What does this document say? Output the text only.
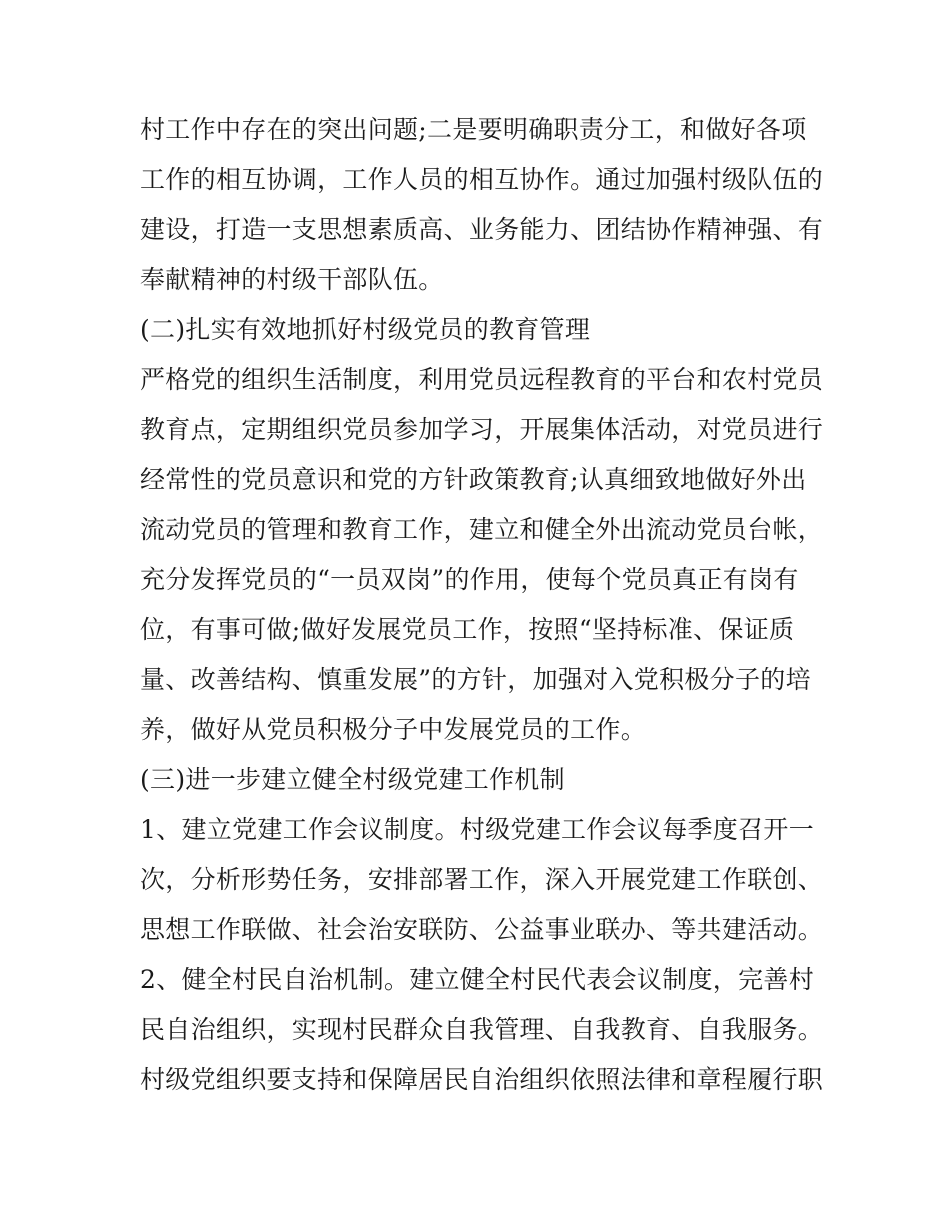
村工作中存在的突出问题;二是要明确职责分工，和做好各项
工作的相互协调，工作人员的相互协作。通过加强村级队伍的
建设，打造一支思想素质高、业务能力、团结协作精神强、有
奉献精神的村级干部队伍。
(二)扎实有效地抓好村级党员的教育管理
严格党的组织生活制度，利用党员远程教育的平台和农村党员
教育点，定期组织党员参加学习，开展集体活动，对党员进行
经常性的党员意识和党的方针政策教育;认真细致地做好外出
流动党员的管理和教育工作，建立和健全外出流动党员台帐，
充分发挥党员的“一员双岗”的作用，使每个党员真正有岗有
位，有事可做;做好发展党员工作，按照“坚持标准、保证质
量、改善结构、慎重发展”的方针，加强对入党积极分子的培
养，做好从党员积极分子中发展党员的工作。
(三)进一步建立健全村级党建工作机制
1、建立党建工作会议制度。村级党建工作会议每季度召开一
次，分析形势任务，安排部署工作，深入开展党建工作联创、
思想工作联做、社会治安联防、公益事业联办、等共建活动。
2、健全村民自治机制。建立健全村民代表会议制度，完善村
民自治组织，实现村民群众自我管理、自我教育、自我服务。
村级党组织要支持和保障居民自治组织依照法律和章程履行职
